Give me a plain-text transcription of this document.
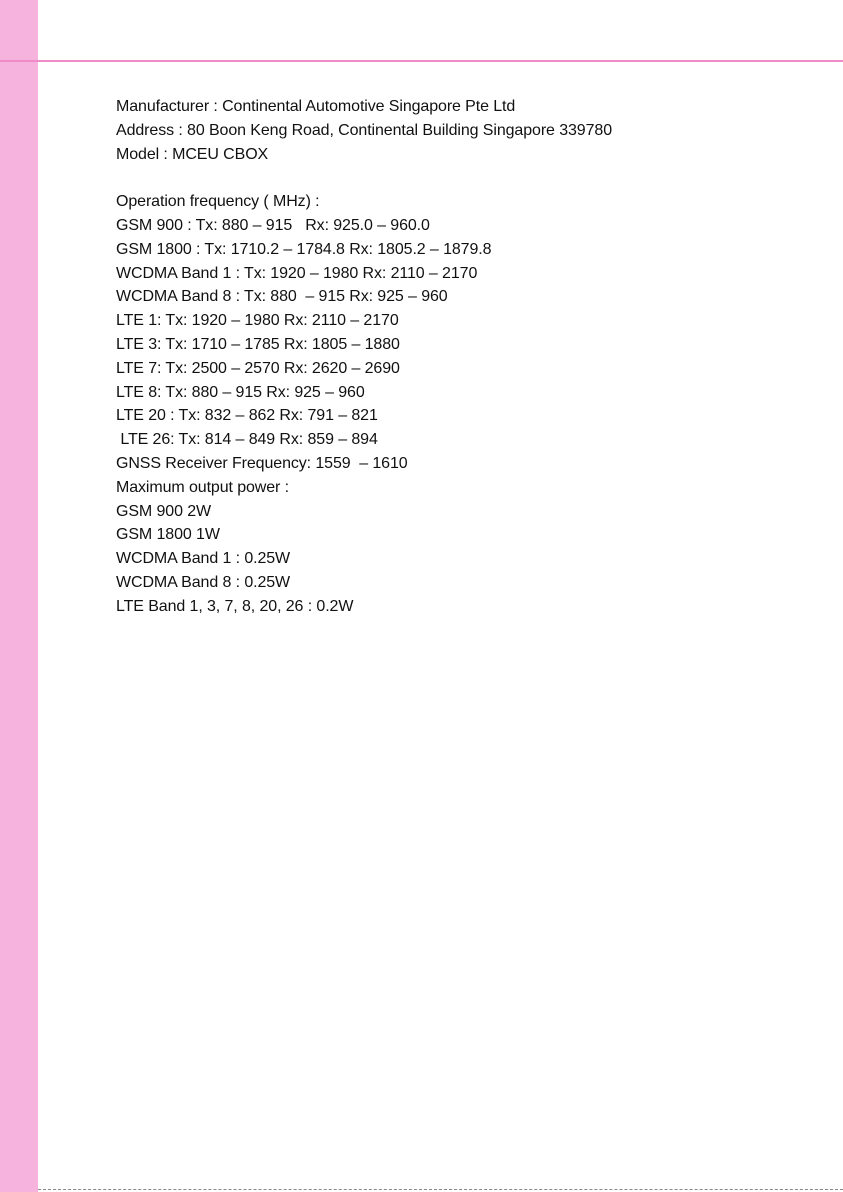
Manufacturer : Continental Automotive Singapore Pte Ltd

Address : 80 Boon Keng Road, Continental Building Singapore 339780

Model : MCEU CBOX

Operation frequency ( MHz) :

GSM 900 : Tx: 880 – 915   Rx: 925.0 – 960.0

GSM 1800 : Tx: 1710.2 – 1784.8 Rx: 1805.2 – 1879.8

WCDMA Band 1 : Tx: 1920 – 1980 Rx: 2110 – 2170

WCDMA Band 8 : Tx: 880  – 915 Rx: 925 – 960

LTE 1: Tx: 1920 – 1980 Rx: 2110 – 2170

LTE 3: Tx: 1710 – 1785 Rx: 1805 – 1880

LTE 7: Tx: 2500 – 2570 Rx: 2620 – 2690

LTE 8: Tx: 880 – 915 Rx: 925 – 960

LTE 20 : Tx: 832 – 862 Rx: 791 – 821

LTE 26: Tx: 814 – 849 Rx: 859 – 894

GNSS Receiver Frequency: 1559  – 1610

Maximum output power :

GSM 900 2W

GSM 1800 1W

WCDMA Band 1 : 0.25W

WCDMA Band 8 : 0.25W

LTE Band 1, 3, 7, 8, 20, 26 : 0.2W
